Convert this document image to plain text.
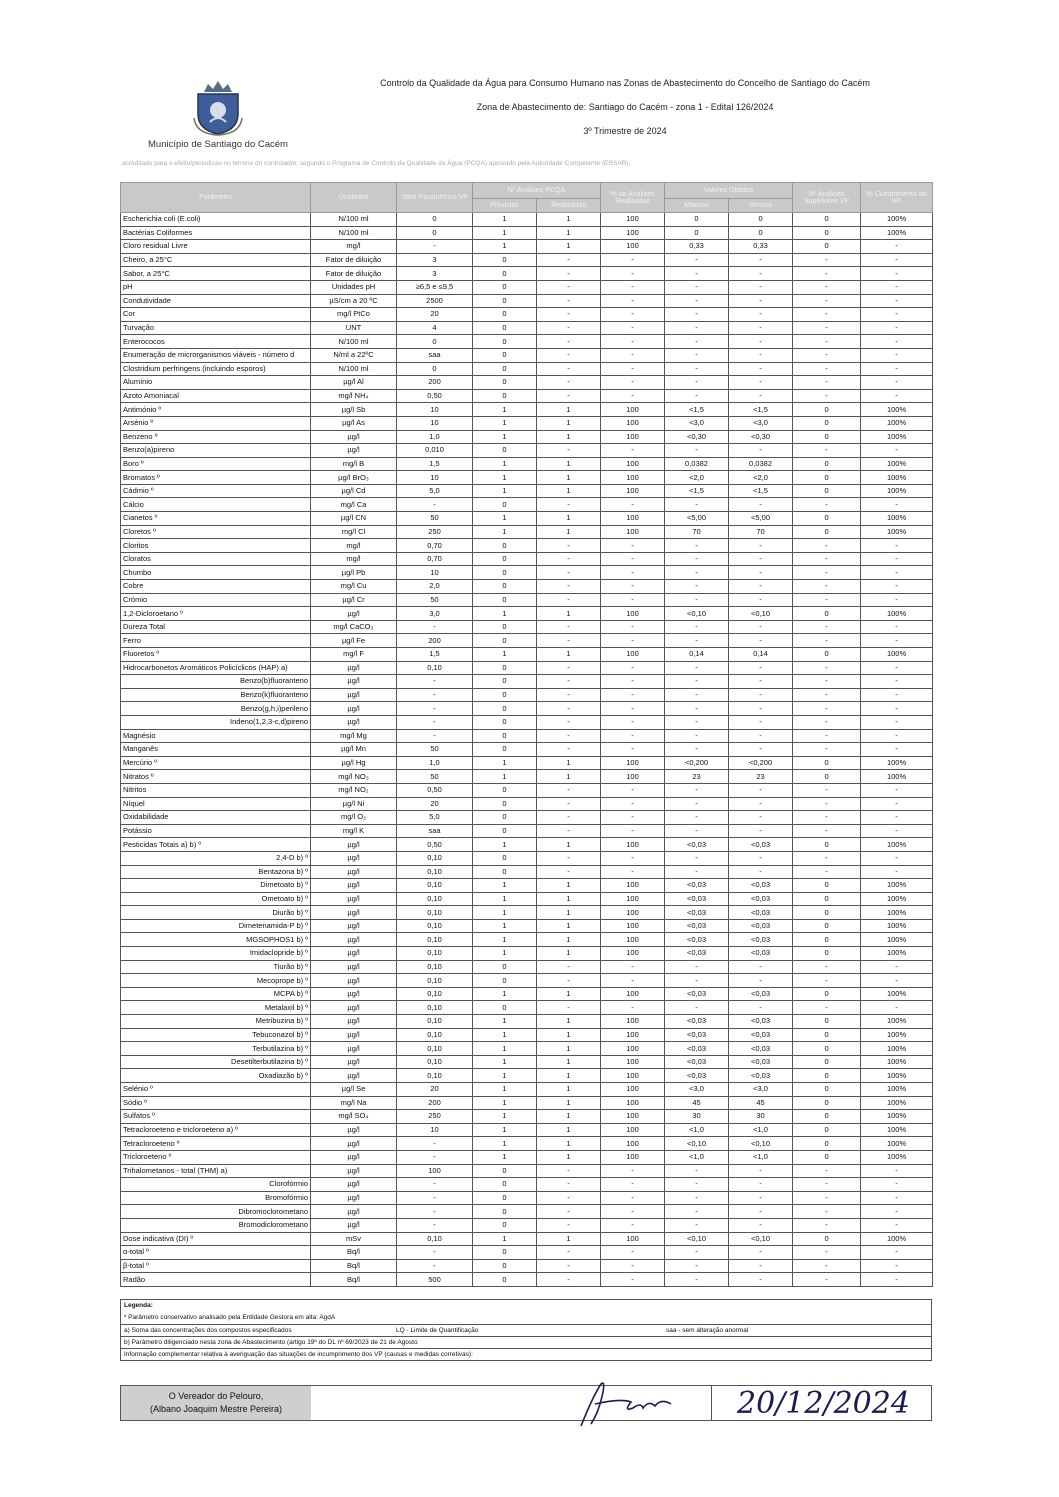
Município de Santiago do Cacém
Controlo da Qualidade da Água para Consumo Humano nas Zonas de Abastecimento do Concelho de Santiago do Cacém
Zona de Abastecimento de: Santiago do Cacém - zona 1 - Edital 126/2024
3º Trimestre de 2024
acreditado para o efeito/periodicas no terreno do controlador, segundo o Programa de Controlo da Qualidade da Água (PCQA) aprovado pela Autoridade Competente (ERSAR).
Parâmetro	Unidades	Valor Paramétrico VP	Nº Análises PCQA		% de Análises Realizadas	Valores Obtidos		Nº Análises Superiores VP	% Cumprimento do VP
			Previstas	Realizadas		Máximo	Mínimo		
Escherichia coli (E.coli)	N/100 ml	0	1	1	100	0	0	0	100%
Bactérias Coliformes	N/100 ml	0	1	1	100	0	0	0	100%
Cloro residual Livre	mg/l	-	1	1	100	0,33	0,33	0	-
Cheiro, a 25°C	Fator de diluição	3	0	-	-	-	-	-	-
Sabor, a 25°C	Fator de diluição	3	0	-	-	-	-	-	-
pH	Unidades pH	≥6,5 e ≤9,5	0	-	-	-	-	-	-
Condutividade	µS/cm a 20 ºC	2500	0	-	-	-	-	-	-
Cor	mg/l PtCo	20	0	-	-	-	-	-	-
Turvação	UNT	4	0	-	-	-	-	-	-
Enterococos	N/100 ml	0	0	-	-	-	-	-	-
Enumeração de microrganismos viáveis - número d	N/ml a 22ºC	saa	0	-	-	-	-	-	-
Clostridium perfringens (incluindo esporos)	N/100 ml	0	0	-	-	-	-	-	-
Alumínio	µg/l Al	200	0	-	-	-	-	-	-
Azoto Amoniacal	mg/l NH₄	0,50	0	-	-	-	-	-	-
Antimónio º	µg/l Sb	10	1	1	100	<1,5	<1,5	0	100%
Arsénio º	µg/l As	10	1	1	100	<3,0	<3,0	0	100%
Benzeno º	µg/l	1,0	1	1	100	<0,30	<0,30	0	100%
Benzo(a)pireno	µg/l	0,010	0	-	-	-	-	-	-
Boro º	mg/l B	1,5	1	1	100	0,0382	0,0382	0	100%
Bromatos º	µg/l BrO₃	10	1	1	100	<2,0	<2,0	0	100%
Cádmio º	µg/l Cd	5,0	1	1	100	<1,5	<1,5	0	100%
Cálcio	mg/l Ca	-	0	-	-	-	-	-	-
Cianetos º	µg/l CN	50	1	1	100	<5,00	<5,00	0	100%
Cloretos º	mg/l Cl	250	1	1	100	70	70	0	100%
Cloritos	mg/l	0,70	0	-	-	-	-	-	-
Cloratos	mg/l	0,70	0	-	-	-	-	-	-
Chumbo	µg/l Pb	10	0	-	-	-	-	-	-
Cobre	mg/l Cu	2,0	0	-	-	-	-	-	-
Crómio	µg/l Cr	50	0	-	-	-	-	-	-
1,2-Dicloroetano º	µg/l	3,0	1	1	100	<0,10	<0,10	0	100%
Dureza Total	mg/l CaCO₃	-	0	-	-	-	-	-	-
Ferro	µg/l Fe	200	0	-	-	-	-	-	-
Fluoretos º	mg/l F	1,5	1	1	100	0,14	0,14	0	100%
Hidrocarbonetos Aromáticos Policíclicos (HAP) a)	µg/l	0,10	0	-	-	-	-	-	-
Benzo(b)fluoranteno	µg/l	-	0	-	-	-	-	-	-
Benzo(k)fluoranteno	µg/l	-	0	-	-	-	-	-	-
Benzo(g,h,i)perileno	µg/l	-	0	-	-	-	-	-	-
Indeno(1,2,3-c,d)pireno	µg/l	-	0	-	-	-	-	-	-
Magnésio	mg/l Mg	-	0	-	-	-	-	-	-
Manganês	µg/l Mn	50	0	-	-	-	-	-	-
Mercúrio º	µg/l Hg	1,0	1	1	100	<0,200	<0,200	0	100%
Nitratos º	mg/l NO₃	50	1	1	100	23	23	0	100%
Nitritos	mg/l NO₂	0,50	0	-	-	-	-	-	-
Níquel	µg/l Ni	20	0	-	-	-	-	-	-
Oxidabilidade	mg/l O₂	5,0	0	-	-	-	-	-	-
Potássio	mg/l K	saa	0	-	-	-	-	-	-
Pesticidas Totais a) b) º	µg/l	0,50	1	1	100	<0,03	<0,03	0	100%
2,4-D b) º	µg/l	0,10	0	-	-	-	-	-	-
Bentazona b) º	µg/l	0,10	0	-	-	-	-	-	-
Dimetoato b) º	µg/l	0,10	1	1	100	<0,03	<0,03	0	100%
Ometoato b) º	µg/l	0,10	1	1	100	<0,03	<0,03	0	100%
Diurão b) º	µg/l	0,10	1	1	100	<0,03	<0,03	0	100%
Dimetenamida-P b) º	µg/l	0,10	1	1	100	<0,03	<0,03	0	100%
MGSOPHOS1 b) º	µg/l	0,10	1	1	100	<0,03	<0,03	0	100%
Imidaclopride b) º	µg/l	0,10	1	1	100	<0,03	<0,03	0	100%
Tiurão b) º	µg/l	0,10	0	-	-	-	-	-	-
Mecoprope b) º	µg/l	0,10	0	-	-	-	-	-	-
MCPA b) º	µg/l	0,10	1	1	100	<0,03	<0,03	0	100%
Metalaxil b) º	µg/l	0,10	0	-	-	-	-	-	-
Metribuzina b) º	µg/l	0,10	1	1	100	<0,03	<0,03	0	100%
Tebuconazol b) º	µg/l	0,10	1	1	100	<0,03	<0,03	0	100%
Terbutilazina b) º	µg/l	0,10	1	1	100	<0,03	<0,03	0	100%
Desetilterbutilazina b) º	µg/l	0,10	1	1	100	<0,03	<0,03	0	100%
Oxadiazão b) º	µg/l	0,10	1	1	100	<0,03	<0,03	0	100%
Selénio º	µg/l Se	20	1	1	100	<3,0	<3,0	0	100%
Sódio º	mg/l Na	200	1	1	100	45	45	0	100%
Sulfatos º	mg/l SO₄	250	1	1	100	30	30	0	100%
Tetracloroeteno e tricloroeteno a) º	µg/l	10	1	1	100	<1,0	<1,0	0	100%
Tetracloroeteno º	µg/l	-	1	1	100	<0,10	<0,10	0	100%
Tricloroeteno º	µg/l	-	1	1	100	<1,0	<1,0	0	100%
Trihalometanos - total (THM) a)	µg/l	100	0	-	-	-	-	-	-
Clorofórmio	µg/l	-	0	-	-	-	-	-	-
Bromofórmio	µg/l	-	0	-	-	-	-	-	-
Dibromoclorometano	µg/l	-	0	-	-	-	-	-	-
Bromodiclorometano	µg/l	-	0	-	-	-	-	-	-
Dose indicativa (DI) º	mSv	0,10	1	1	100	<0,10	<0,10	0	100%
α-total º	Bq/l	-	0	-	-	-	-	-	-
β-total º	Bq/l	-	0	-	-	-	-	-	-
Radão	Bq/l	500	0	-	-	-	-	-	-
Legenda:
º Parâmetro conservativo analisado pela Entidade Gestora em alta: AgdA
a) Soma das concentrações dos compostos especificados	LQ - Limite de Quantificação	saa - sem alteração anormal
b) Parâmetro diligenciado nesta zona de Abastecimento (artigo 19º do DL nº 69/2023 de 21 de Agosto
Informação complementar relativa à averiguação das situações de incumprimento dos VP (causas e medidas corretivas):
O Vereador do Pelouro,
(Albano Joaquim Mestre Pereira)	20/12/2024
